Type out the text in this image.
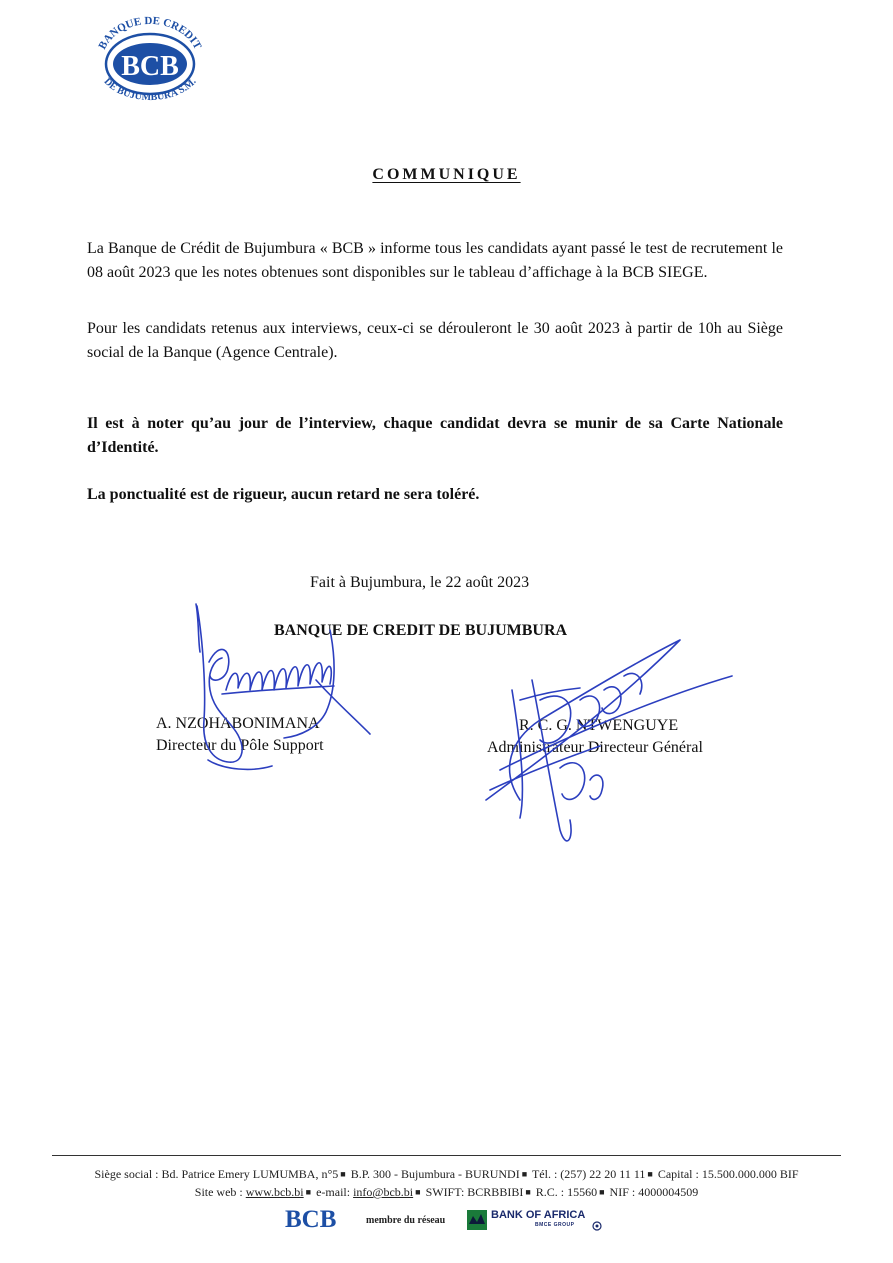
BCB
BANQUE DE CREDIT
DE BUJUMBURA S.M.
COMMUNIQUE

La Banque de Crédit de Bujumbura « BCB » informe tous les candidats ayant passé le test de recrutement le 08 août 2023 que les notes obtenues sont disponibles sur le tableau d’affichage à la BCB SIEGE.

Pour les candidats retenus aux interviews, ceux-ci se dérouleront le 30 août 2023 à partir de 10h au Siège social de la Banque (Agence Centrale).

Il est à noter qu’au jour de l’interview, chaque candidat devra se munir de sa Carte Nationale d’Identité.

La ponctualité est de rigueur, aucun retard ne sera toléré.

Fait à Bujumbura, le 22 août 2023
BANQUE DE CREDIT DE BUJUMBURA
A. NZOHABONIMANA
Directeur du Pôle Support
R. C. G. NTWENGUYE
Administrateur Directeur Général
Siège social : Bd. Patrice Emery LUMUMBA, n°5 ■ B.P. 300 - Bujumbura - BURUNDI ■ Tél. : (257) 22 20 11 11 ■ Capital : 15.500.000.000 BIF
Site web : www.bcb.bi ■ e-mail: info@bcb.bi ■ SWIFT: BCRBBIBI ■ R.C. : 15560 ■ NIF : 4000004509
BCB	membre du réseau	BANK OF AFRICA
BMCE GROUP
